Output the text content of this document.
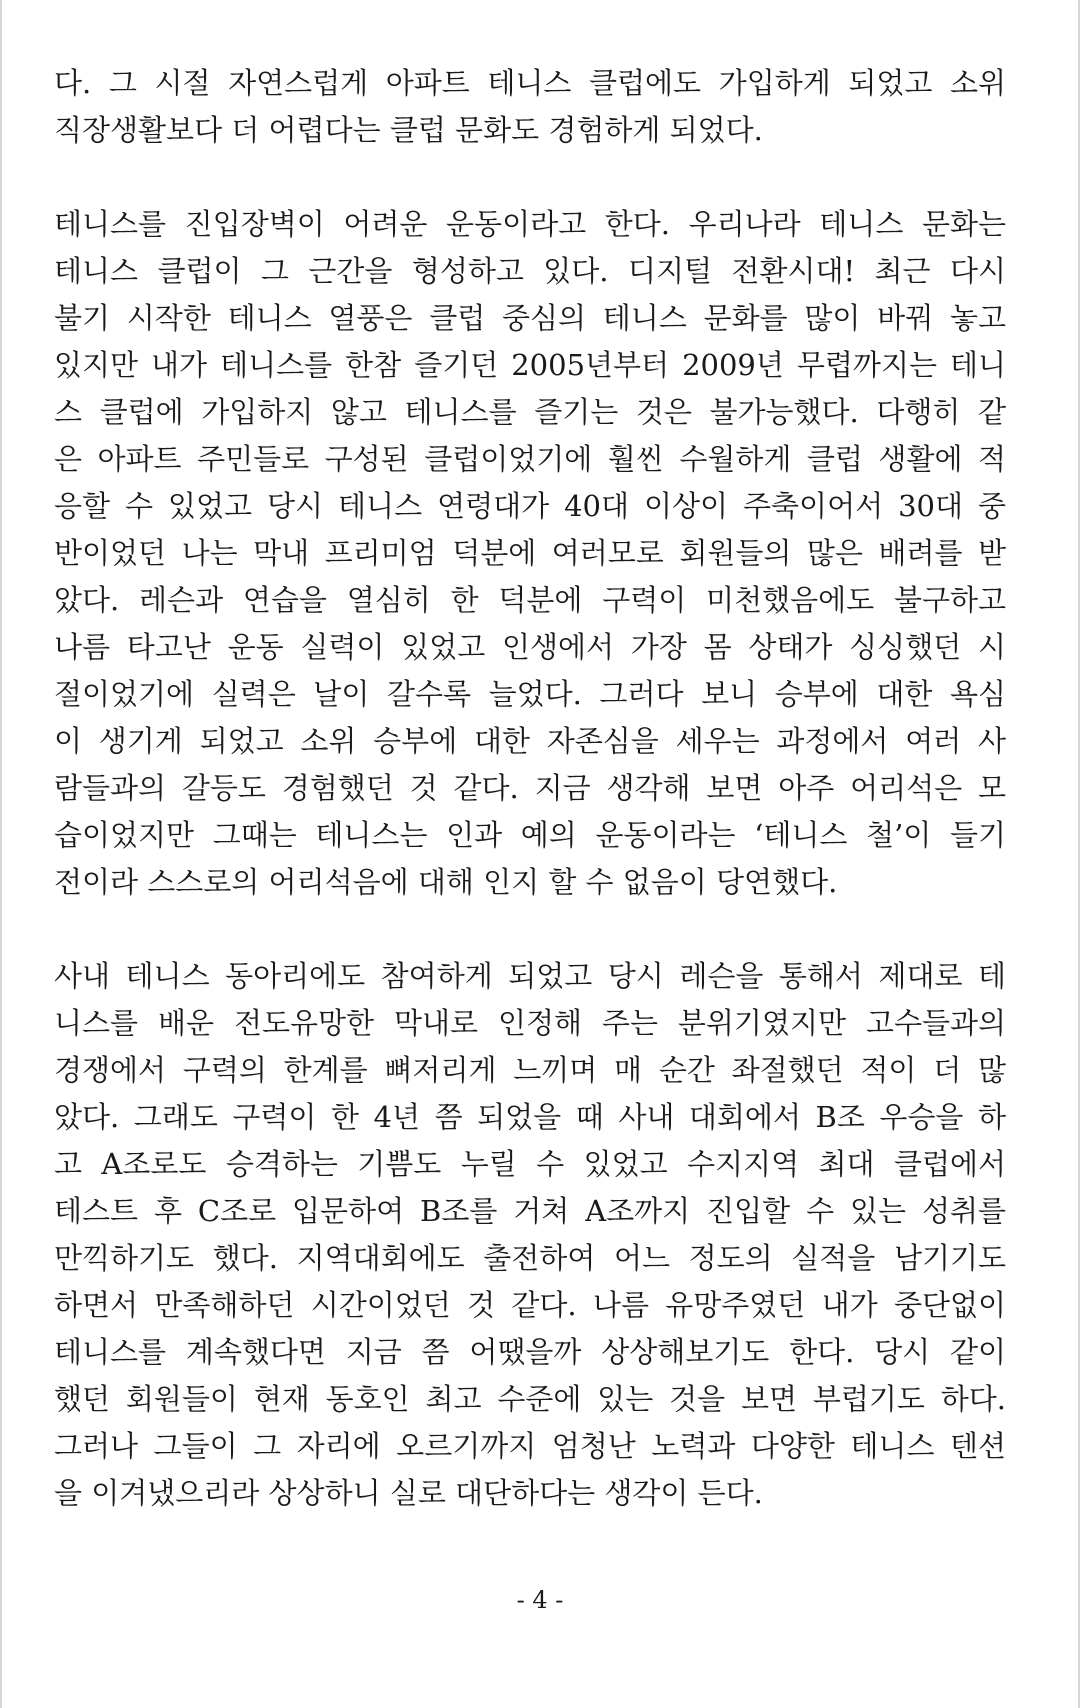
다. 그 시절 자연스럽게 아파트 테니스 클럽에도 가입하게 되었고 소위
직장생활보다 더 어렵다는 클럽 문화도 경험하게 되었다.
테니스를 진입장벽이 어려운 운동이라고 한다. 우리나라 테니스 문화는
테니스 클럽이 그 근간을 형성하고 있다. 디지털 전환시대! 최근 다시
불기 시작한 테니스 열풍은 클럽 중심의 테니스 문화를 많이 바꿔 놓고
있지만 내가 테니스를 한참 즐기던 2005년부터 2009년 무렵까지는 테니
스 클럽에 가입하지 않고 테니스를 즐기는 것은 불가능했다. 다행히 같
은 아파트 주민들로 구성된 클럽이었기에 훨씬 수월하게 클럽 생활에 적
응할 수 있었고 당시 테니스 연령대가 40대 이상이 주축이어서 30대 중
반이었던 나는 막내 프리미엄 덕분에 여러모로 회원들의 많은 배려를 받
았다. 레슨과 연습을 열심히 한 덕분에 구력이 미천했음에도 불구하고
나름 타고난 운동 실력이 있었고 인생에서 가장 몸 상태가 싱싱했던 시
절이었기에 실력은 날이 갈수록 늘었다. 그러다 보니 승부에 대한 욕심
이 생기게 되었고 소위 승부에 대한 자존심을 세우는 과정에서 여러 사
람들과의 갈등도 경험했던 것 같다. 지금 생각해 보면 아주 어리석은 모
습이었지만 그때는 테니스는 인과 예의 운동이라는 ‘테니스 철’이 들기
전이라 스스로의 어리석음에 대해 인지 할 수 없음이 당연했다.
사내 테니스 동아리에도 참여하게 되었고 당시 레슨을 통해서 제대로 테
니스를 배운 전도유망한 막내로 인정해 주는 분위기였지만 고수들과의
경쟁에서 구력의 한계를 뼈저리게 느끼며 매 순간 좌절했던 적이 더 많
았다. 그래도 구력이 한 4년 쯤 되었을 때 사내 대회에서 B조 우승을 하
고 A조로도 승격하는 기쁨도 누릴 수 있었고 수지지역 최대 클럽에서
테스트 후 C조로 입문하여 B조를 거쳐 A조까지 진입할 수 있는 성취를
만끽하기도 했다. 지역대회에도 출전하여 어느 정도의 실적을 남기기도
하면서 만족해하던 시간이었던 것 같다. 나름 유망주였던 내가 중단없이
테니스를 계속했다면 지금 쯤 어땠을까 상상해보기도 한다. 당시 같이
했던 회원들이 현재 동호인 최고 수준에 있는 것을 보면 부럽기도 하다.
그러나 그들이 그 자리에 오르기까지 엄청난 노력과 다양한 테니스 텐션
을 이겨냈으리라 상상하니 실로 대단하다는 생각이 든다.
- 4 -
